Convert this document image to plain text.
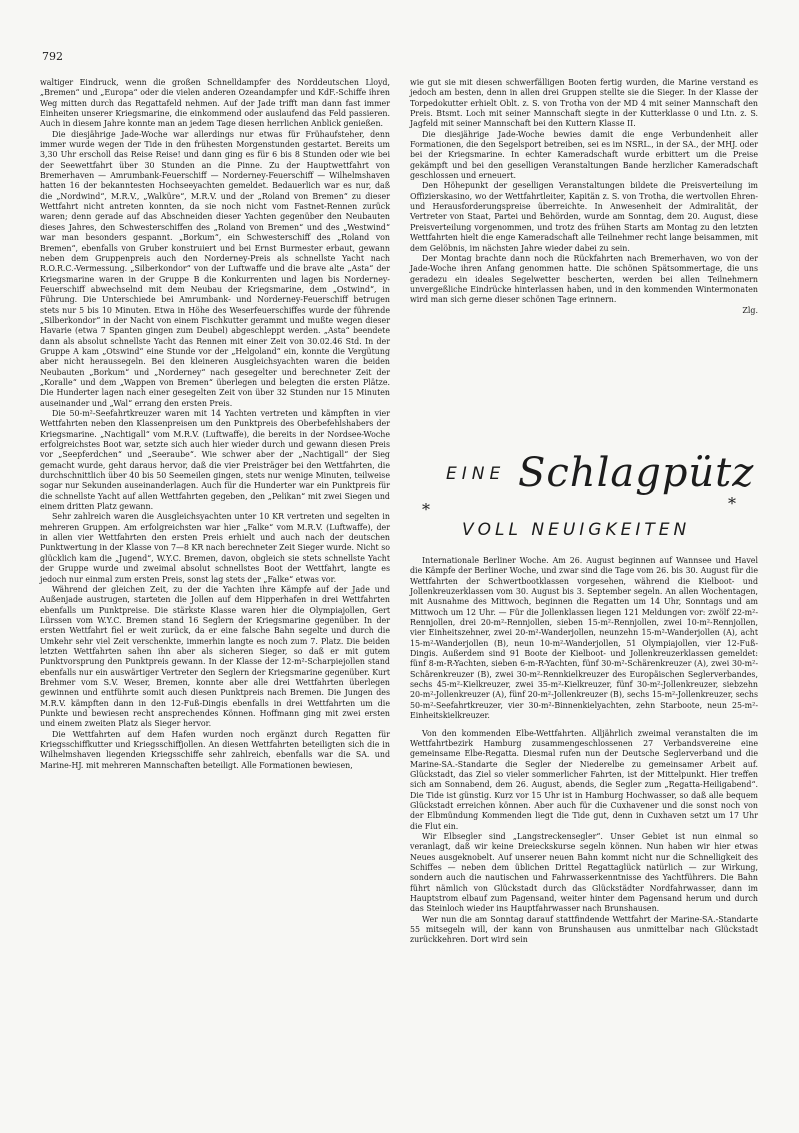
792

waltiger Eindruck, wenn die großen Schnelldampfer des Norddeutschen Lloyd, „Bremen“ und „Europa“ oder die vielen anderen Ozeandampfer und KdF.-Schiffe ihren Weg mitten durch das Regattafeld nehmen. Auf der Jade trifft man dann fast immer Einheiten unserer Kriegsmarine, die einkommend oder auslaufend das Feld passieren. Auch in diesem Jahre konnte man an jedem Tage diesen herrlichen Anblick genießen.

Die diesjährige Jade-Woche war allerdings nur etwas für Frühaufsteher, denn immer wurde wegen der Tide in den frühesten Morgenstunden gestartet. Bereits um 3,30 Uhr erscholl das Reise Reise! und dann ging es für 6 bis 8 Stunden oder wie bei der Seewettfahrt über 30 Stunden an die Pinne. Zu der Hauptwettfahrt von Bremerhaven — Amrumbank-Feuerschiff — Norderney-Feuerschiff — Wilhelmshaven hatten 16 der bekanntesten Hochseeyachten gemeldet. Bedauerlich war es nur, daß die „Nordwind“, M.R.V., „Walküre“, M.R.V. und der „Roland von Bremen“ zu dieser Wettfahrt nicht antreten konnten, da sie noch nicht vom Fastnet-Rennen zurück waren; denn gerade auf das Abschneiden dieser Yachten gegenüber den Neubauten dieses Jahres, den Schwesterschiffen des „Roland von Bremen“ und des „Westwind“ war man besonders gespannt. „Borkum“, ein Schwesterschiff des „Roland von Bremen“, ebenfalls von Gruber konstruiert und bei Ernst Burmester erbaut, gewann neben dem Gruppenpreis auch den Norderney-Preis als schnellste Yacht nach R.O.R.C.-Vermessung. „Silberkondor“ von der Luftwaffe und die brave alte „Asta“ der Kriegsmarine waren in der Gruppe B die Konkurrenten und lagen bis Norderney-Feuerschiff abwechselnd mit dem Neubau der Kriegsmarine, dem „Ostwind“, in Führung. Die Unterschiede bei Amrumbank- und Norderney-Feuerschiff betrugen stets nur 5 bis 10 Minuten. Etwa in Höhe des Weserfeuerschiffes wurde der führende „Silberkondor“ in der Nacht von einem Fischkutter gerammt und mußte wegen dieser Havarie (etwa 7 Spanten gingen zum Deubel) abgeschleppt werden. „Asta“ beendete dann als absolut schnellste Yacht das Rennen mit einer Zeit von 30.02.46 Std. In der Gruppe A kam „Otswind“ eine Stunde vor der „Helgoland“ ein, konnte die Vergütung aber nicht heraussegeln. Bei den kleineren Ausgleichsyachten waren die beiden Neubauten „Borkum“ und „Norderney“ nach gesegelter und berechneter Zeit der „Koralle“ und dem „Wappen von Bremen“ überlegen und belegten die ersten Plätze. Die Hunderter lagen nach einer gesegelten Zeit von über 32 Stunden nur 15 Minuten auseinander und „Wal“ errang den ersten Preis.

Die 50-m²-Seefahrtkreuzer waren mit 14 Yachten vertreten und kämpften in vier Wettfahrten neben den Klassenpreisen um den Punktpreis des Oberbefehlshabers der Kriegsmarine. „Nachtigall“ vom M.R.V. (Luftwaffe), die bereits in der Nordsee-Woche erfolgreichstes Boot war, setzte sich auch hier wieder durch und gewann diesen Preis vor „Seepferdchen“ und „Seeraube“. Wie schwer aber der „Nachtigall“ der Sieg gemacht wurde, geht daraus hervor, daß die vier Preisträger bei den Wettfahrten, die durchschnittlich über 40 bis 50 Seemeilen gingen, stets nur wenige Minuten, teilweise sogar nur Sekunden auseinanderlagen. Auch für die Hunderter war ein Punktpreis für die schnellste Yacht auf allen Wettfahrten gegeben, den „Pelikan“ mit zwei Siegen und einem dritten Platz gewann.

Sehr zahlreich waren die Ausgleichsyachten unter 10 KR vertreten und segelten in mehreren Gruppen. Am erfolgreichsten war hier „Falke“ vom M.R.V. (Luftwaffe), der in allen vier Wettfahrten den ersten Preis erhielt und auch nach der deutschen Punktwertung in der Klasse von 7—8 KR nach berechneter Zeit Sieger wurde. Nicht so glücklich kam die „Jugend“, W.Y.C. Bremen, davon, obgleich sie stets schnellste Yacht der Gruppe wurde und zweimal absolut schnellstes Boot der Wettfahrt, langte es jedoch nur einmal zum ersten Preis, sonst lag stets der „Falke“ etwas vor.

Während der gleichen Zeit, zu der die Yachten ihre Kämpfe auf der Jade und Außenjade austrugen, starteten die Jollen auf dem Hipperhafen in drei Wettfahrten ebenfalls um Punktpreise. Die stärkste Klasse waren hier die Olympiajollen, Gert Lürssen vom W.Y.C. Bremen stand 16 Seglern der Kriegsmarine gegenüber. In der ersten Wettfahrt fiel er weit zurück, da er eine falsche Bahn segelte und durch die Umkehr sehr viel Zeit verschenkte, immerhin langte es noch zum 7. Platz. Die beiden letzten Wettfahrten sahen ihn aber als sicheren Sieger, so daß er mit gutem Punktvorsprung den Punktpreis gewann. In der Klasse der 12-m²-Scharpiejollen stand ebenfalls nur ein auswärtiger Vertreter den Seglern der Kriegsmarine gegenüber. Kurt Brehmer vom S.V. Weser, Bremen, konnte aber alle drei Wettfahrten überlegen gewinnen und entführte somit auch diesen Punktpreis nach Bremen. Die Jungen des M.R.V. kämpften dann in den 12-Fuß-Dingis ebenfalls in drei Wettfahrten um die Punkte und bewiesen recht ansprechendes Können. Hoffmann ging mit zwei ersten und einem zweiten Platz als Sieger hervor.

Die Wettfahrten auf dem Hafen wurden noch ergänzt durch Regatten für Kriegsschiffkutter und Kriegsschiffjollen. An diesen Wettfahrten beteiligten sich die in Wilhelmshaven liegenden Kriegsschiffe sehr zahlreich, ebenfalls war die SA. und Marine-HJ. mit mehreren Mannschaften beteiligt. Alle Formationen bewiesen,

wie gut sie mit diesen schwerfälligen Booten fertig wurden, die Marine verstand es jedoch am besten, denn in allen drei Gruppen stellte sie die Sieger. In der Klasse der Torpedokutter erhielt Oblt. z. S. von Trotha von der MD 4 mit seiner Mannschaft den Preis. Btsmt. Loch mit seiner Mannschaft siegte in der Kutterklasse 0 und Ltn. z. S. Jagfeld mit seiner Mannschaft bei den Kuttern Klasse II.

Die diesjährige Jade-Woche bewies damit die enge Verbundenheit aller Formationen, die den Segelsport betreiben, sei es im NSRL., in der SA., der MHJ. oder bei der Kriegsmarine. In echter Kameradschaft wurde erbittert um die Preise gekämpft und bei den geselligen Veranstaltungen Bande herzlicher Kameradschaft geschlossen und erneuert.

Den Höhepunkt der geselligen Veranstaltungen bildete die Preisverteilung im Offizierskasino, wo der Wettfahrtleiter, Kapitän z. S. von Trotha, die wertvollen Ehren- und Herausforderungspreise überreichte. In Anwesenheit der Admiralität, der Vertreter von Staat, Partei und Behörden, wurde am Sonntag, dem 20. August, diese Preisverteilung vorgenommen, und trotz des frühen Starts am Montag zu den letzten Wettfahrten hielt die enge Kameradschaft alle Teilnehmer recht lange beisammen, mit dem Gelöbnis, im nächsten Jahre wieder dabei zu sein.

Der Montag brachte dann noch die Rückfahrten nach Bremerhaven, wo von der Jade-Woche ihren Anfang genommen hatte. Die schönen Spätsommertage, die uns geradezu ein ideales Segelwetter bescherten, werden bei allen Teilnehmern unvergeßliche Eindrücke hinterlassen haben, und in den kommenden Wintermonaten wird man sich gerne dieser schönen Tage erinnern.

Zlg.

EINE Schlagpütz
*	*
VOLL NEUIGKEITEN

Internationale Berliner Woche. Am 26. August beginnen auf Wannsee und Havel die Kämpfe der Berliner Woche, und zwar sind die Tage vom 26. bis 30. August für die Wettfahrten der Schwertbootklassen vorgesehen, während die Kielboot- und Jollenkreuzerklassen vom 30. August bis 3. September segeln. An allen Wochentagen, mit Ausnahme des Mittwoch, beginnen die Regatten um 14 Uhr, Sonntags und am Mittwoch um 12 Uhr. — Für die Jollenklassen liegen 121 Meldungen vor: zwölf 22-m²-Rennjollen, drei 20-m²-Rennjollen, sieben 15-m²-Rennjollen, zwei 10-m²-Rennjollen, vier Einheitszehner, zwei 20-m²-Wanderjollen, neunzehn 15-m²-Wanderjollen (A), acht 15-m²-Wanderjollen (B), neun 10-m²-Wanderjollen, 51 Olympiajollen, vier 12-Fuß-Dingis. Außerdem sind 91 Boote der Kielboot- und Jollenkreuzerklassen gemeldet: fünf 8-m-R-Yachten, sieben 6-m-R-Yachten, fünf 30-m²-Schärenkreuzer (A), zwei 30-m²-Schärenkreuzer (B), zwei 30-m²-Rennkielkreuzer des Europäischen Seglerverbandes, sechs 45-m²-Kielkreuzer, zwei 35-m²-Kielkreuzer, fünf 30-m²-Jollenkreuzer, siebzehn 20-m²-Jollenkreuzer (A), fünf 20-m²-Jollenkreuzer (B), sechs 15-m²-Jollenkreuzer, sechs 50-m²-Seefahrtkreuzer, vier 30-m²-Binnenkielyachten, zehn Starboote, neun 25-m²-Einheitskielkreuzer.

Von den kommenden Elbe-Wettfahrten. Alljährlich zweimal veranstalten die im Wettfahrtbezirk Hamburg zusammengeschlossenen 27 Verbandsvereine eine gemeinsame Elbe-Regatta. Diesmal rufen nun der Deutsche Seglerverband und die Marine-SA.-Standarte die Segler der Niederelbe zu gemeinsamer Arbeit auf. Glückstadt, das Ziel so vieler sommerlicher Fahrten, ist der Mittelpunkt. Hier treffen sich am Sonnabend, dem 26. August, abends, die Segler zum „Regatta-Heiligabend“. Die Tide ist günstig. Kurz vor 15 Uhr ist in Hamburg Hochwasser, so daß alle bequem Glückstadt erreichen können. Aber auch für die Cuxhavener und die sonst noch von der Elbmündung Kommenden liegt die Tide gut, denn in Cuxhaven setzt um 17 Uhr die Flut ein.

Wir Elbsegler sind „Langstreckensegler“. Unser Gebiet ist nun einmal so veranlagt, daß wir keine Dreieckskurse segeln können. Nun haben wir hier etwas Neues ausgeknobelt. Auf unserer neuen Bahn kommt nicht nur die Schnelligkeit des Schiffes — neben dem üblichen Drittel Regattaglück natürlich — zur Wirkung, sondern auch die nautischen und Fahrwasserkenntnisse des Yachtführers. Die Bahn führt nämlich von Glückstadt durch das Glückstädter Nordfahrwasser, dann im Hauptstrom elbauf zum Pagensand, weiter hinter dem Pagensand herum und durch das Steinloch wieder ins Hauptfahrwasser nach Brunshausen.

Wer nun die am Sonntag darauf stattfindende Wettfahrt der Marine-SA.-Standarte 55 mitsegeln will, der kann von Brunshausen aus unmittelbar nach Glückstadt zurückkehren. Dort wird sein
